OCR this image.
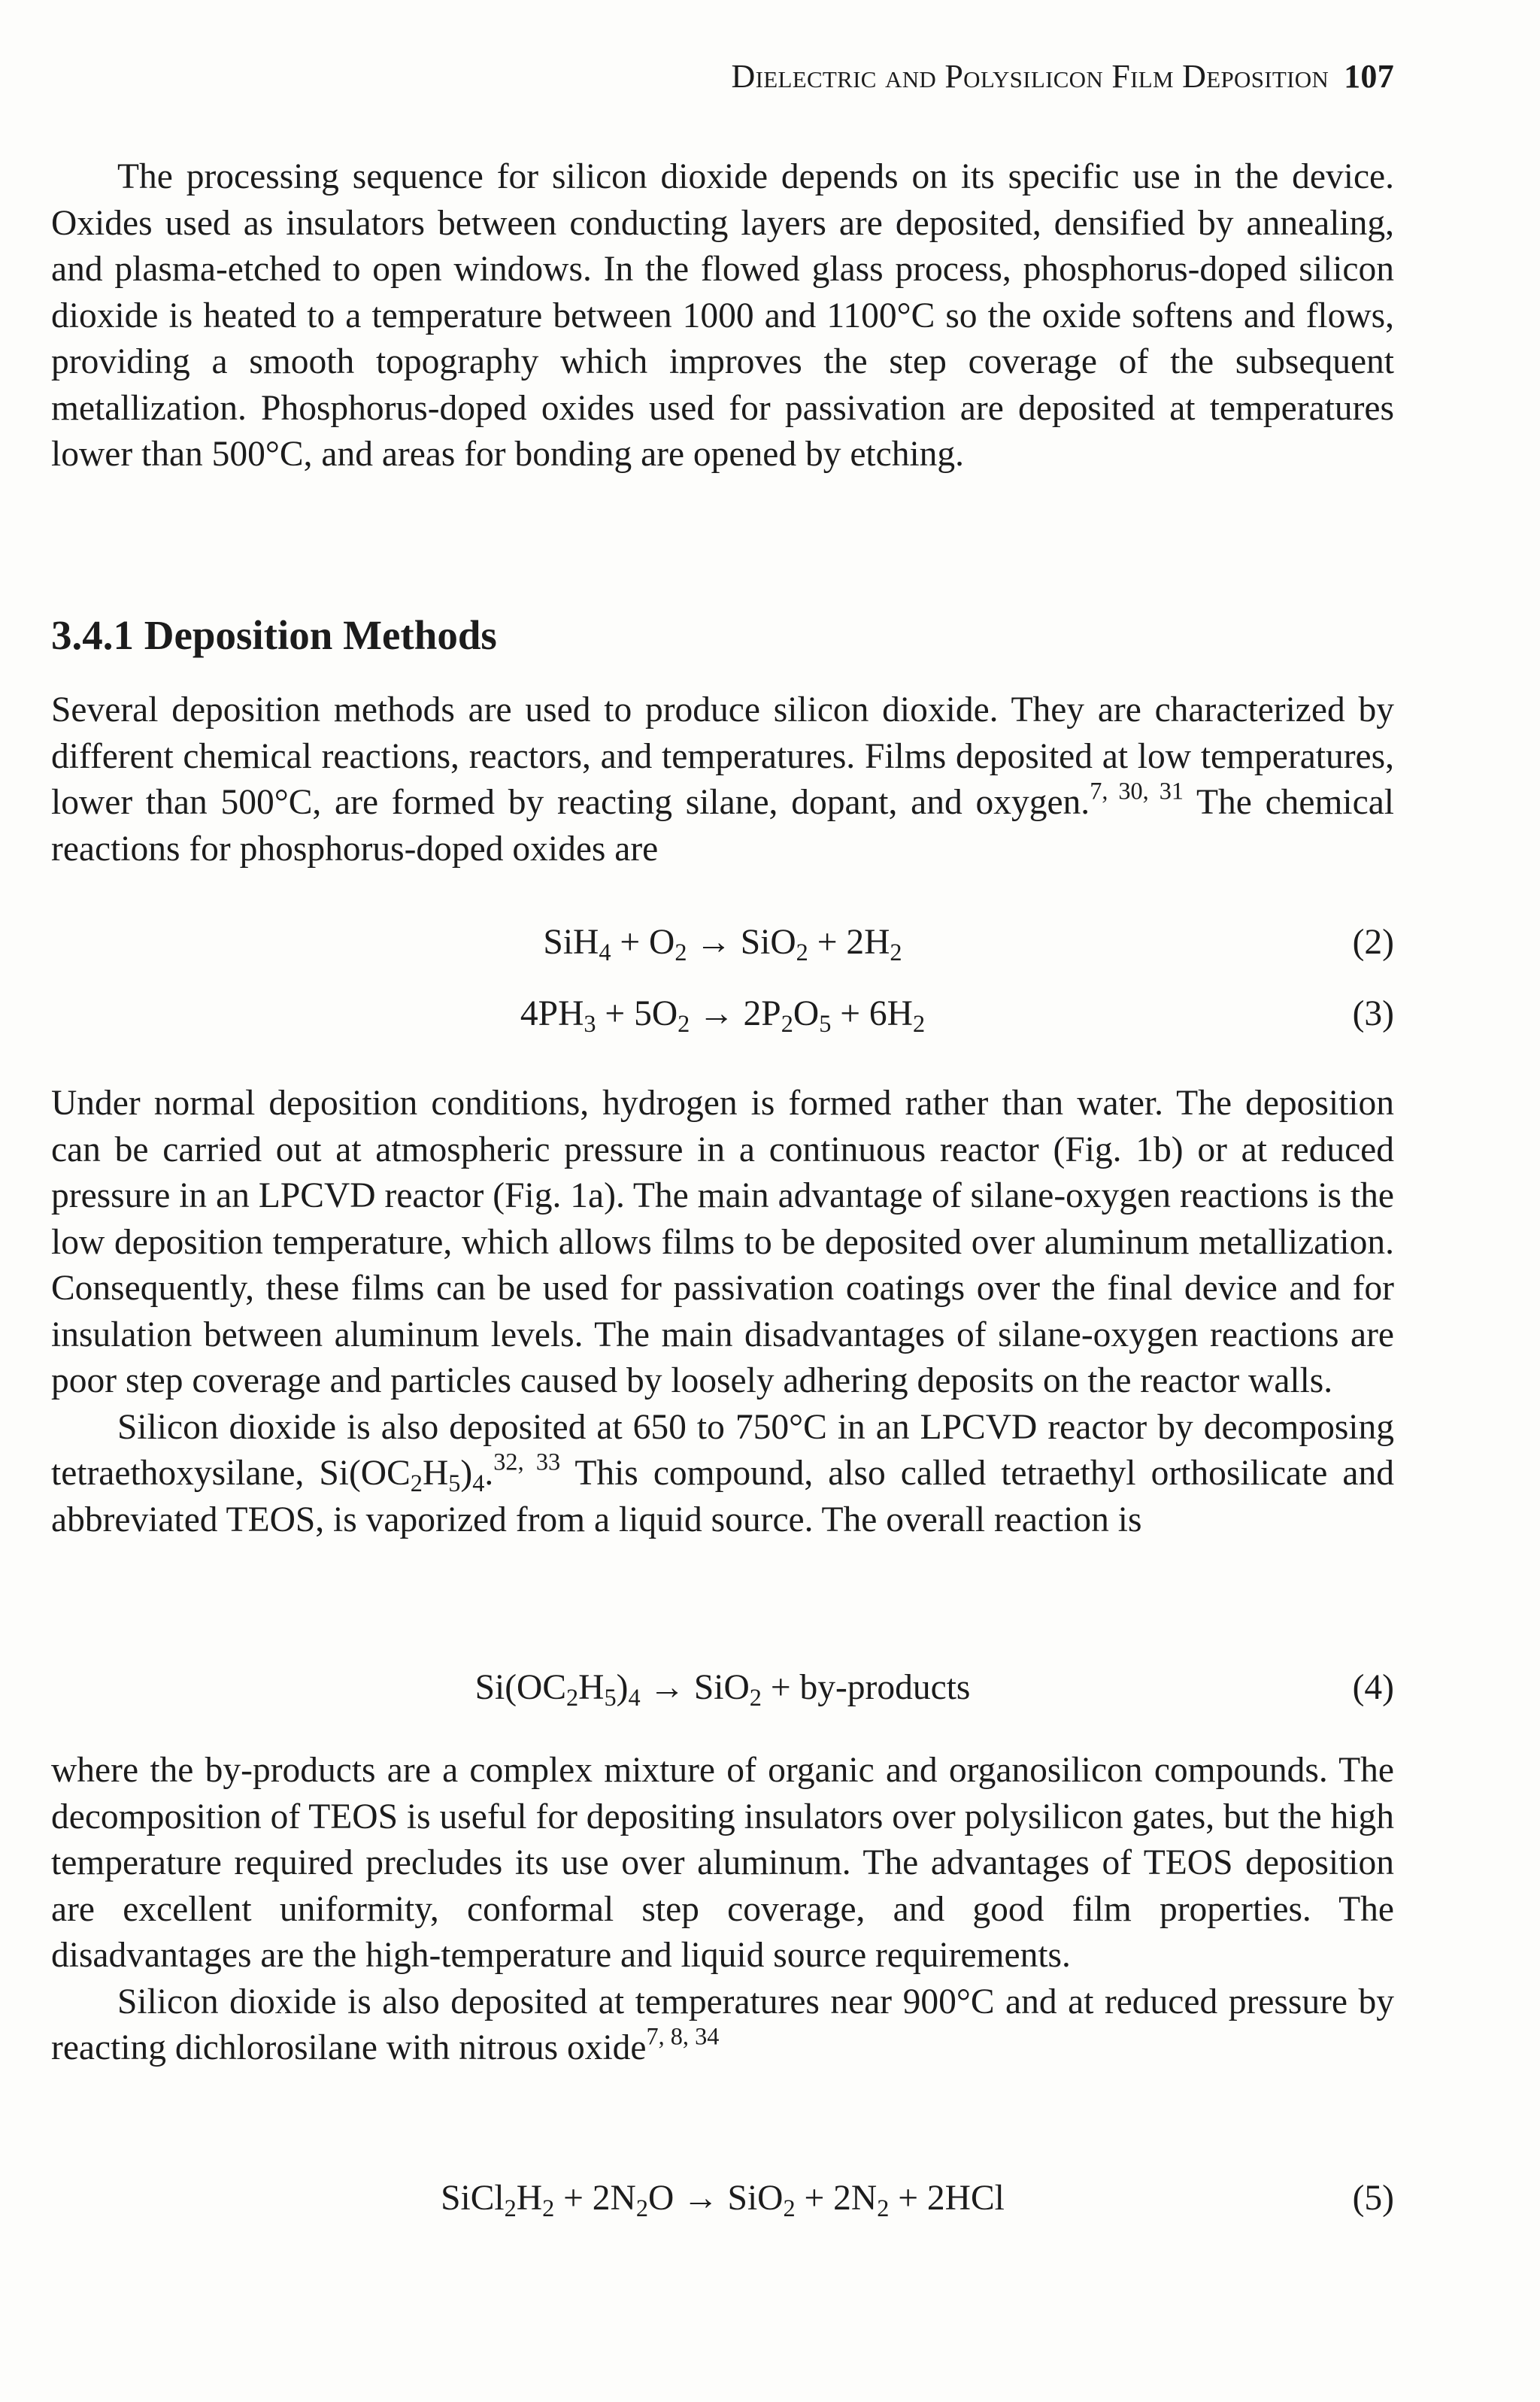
Dielectric and Polysilicon Film Deposition 107

The processing sequence for silicon dioxide depends on its specific use in the device. Oxides used as insulators between conducting layers are deposited, densified by annealing, and plasma-etched to open windows. In the flowed glass process, phosphorus-doped silicon dioxide is heated to a temperature between 1000 and 1100°C so the oxide softens and flows, providing a smooth topography which improves the step coverage of the subsequent metallization. Phosphorus-doped oxides used for passivation are deposited at temperatures lower than 500°C, and areas for bonding are opened by etching.

3.4.1 Deposition Methods

Several deposition methods are used to produce silicon dioxide. They are characterized by different chemical reactions, reactors, and temperatures. Films deposited at low temperatures, lower than 500°C, are formed by reacting silane, dopant, and oxygen.$^{7, 30, 31}$ The chemical reactions for phosphorus-doped oxides are

$SiH_4 + O_2 \to SiO_2 + 2H_2$	(2)
$4PH_3 + 5O_2 \to 2P_2O_5 + 6H_2$	(3)

Under normal deposition conditions, hydrogen is formed rather than water. The deposition can be carried out at atmospheric pressure in a continuous reactor (Fig. 1b) or at reduced pressure in an LPCVD reactor (Fig. 1a). The main advantage of silane-oxygen reactions is the low deposition temperature, which allows films to be deposited over aluminum metallization. Consequently, these films can be used for passivation coatings over the final device and for insulation between aluminum levels. The main disadvantages of silane-oxygen reactions are poor step coverage and particles caused by loosely adhering deposits on the reactor walls.

Silicon dioxide is also deposited at 650 to 750°C in an LPCVD reactor by decomposing tetraethoxysilane, $Si(OC_2H_5)_4.^{32, 33}$ This compound, also called tetraethyl orthosilicate and abbreviated TEOS, is vaporized from a liquid source. The overall reaction is

$Si(OC_2H_5)_4 \to SiO_2$ + by-products	(4)

where the by-products are a complex mixture of organic and organosilicon compounds. The decomposition of TEOS is useful for depositing insulators over polysilicon gates, but the high temperature required precludes its use over aluminum. The advantages of TEOS deposition are excellent uniformity, conformal step coverage, and good film properties. The disadvantages are the high-temperature and liquid source requirements.

Silicon dioxide is also deposited at temperatures near 900°C and at reduced pressure by reacting dichlorosilane with nitrous oxide$^{7, 8, 34}$

$SiCl_2H_2 + 2N_2O \to SiO_2 + 2N_2 + 2HCl$	(5)
